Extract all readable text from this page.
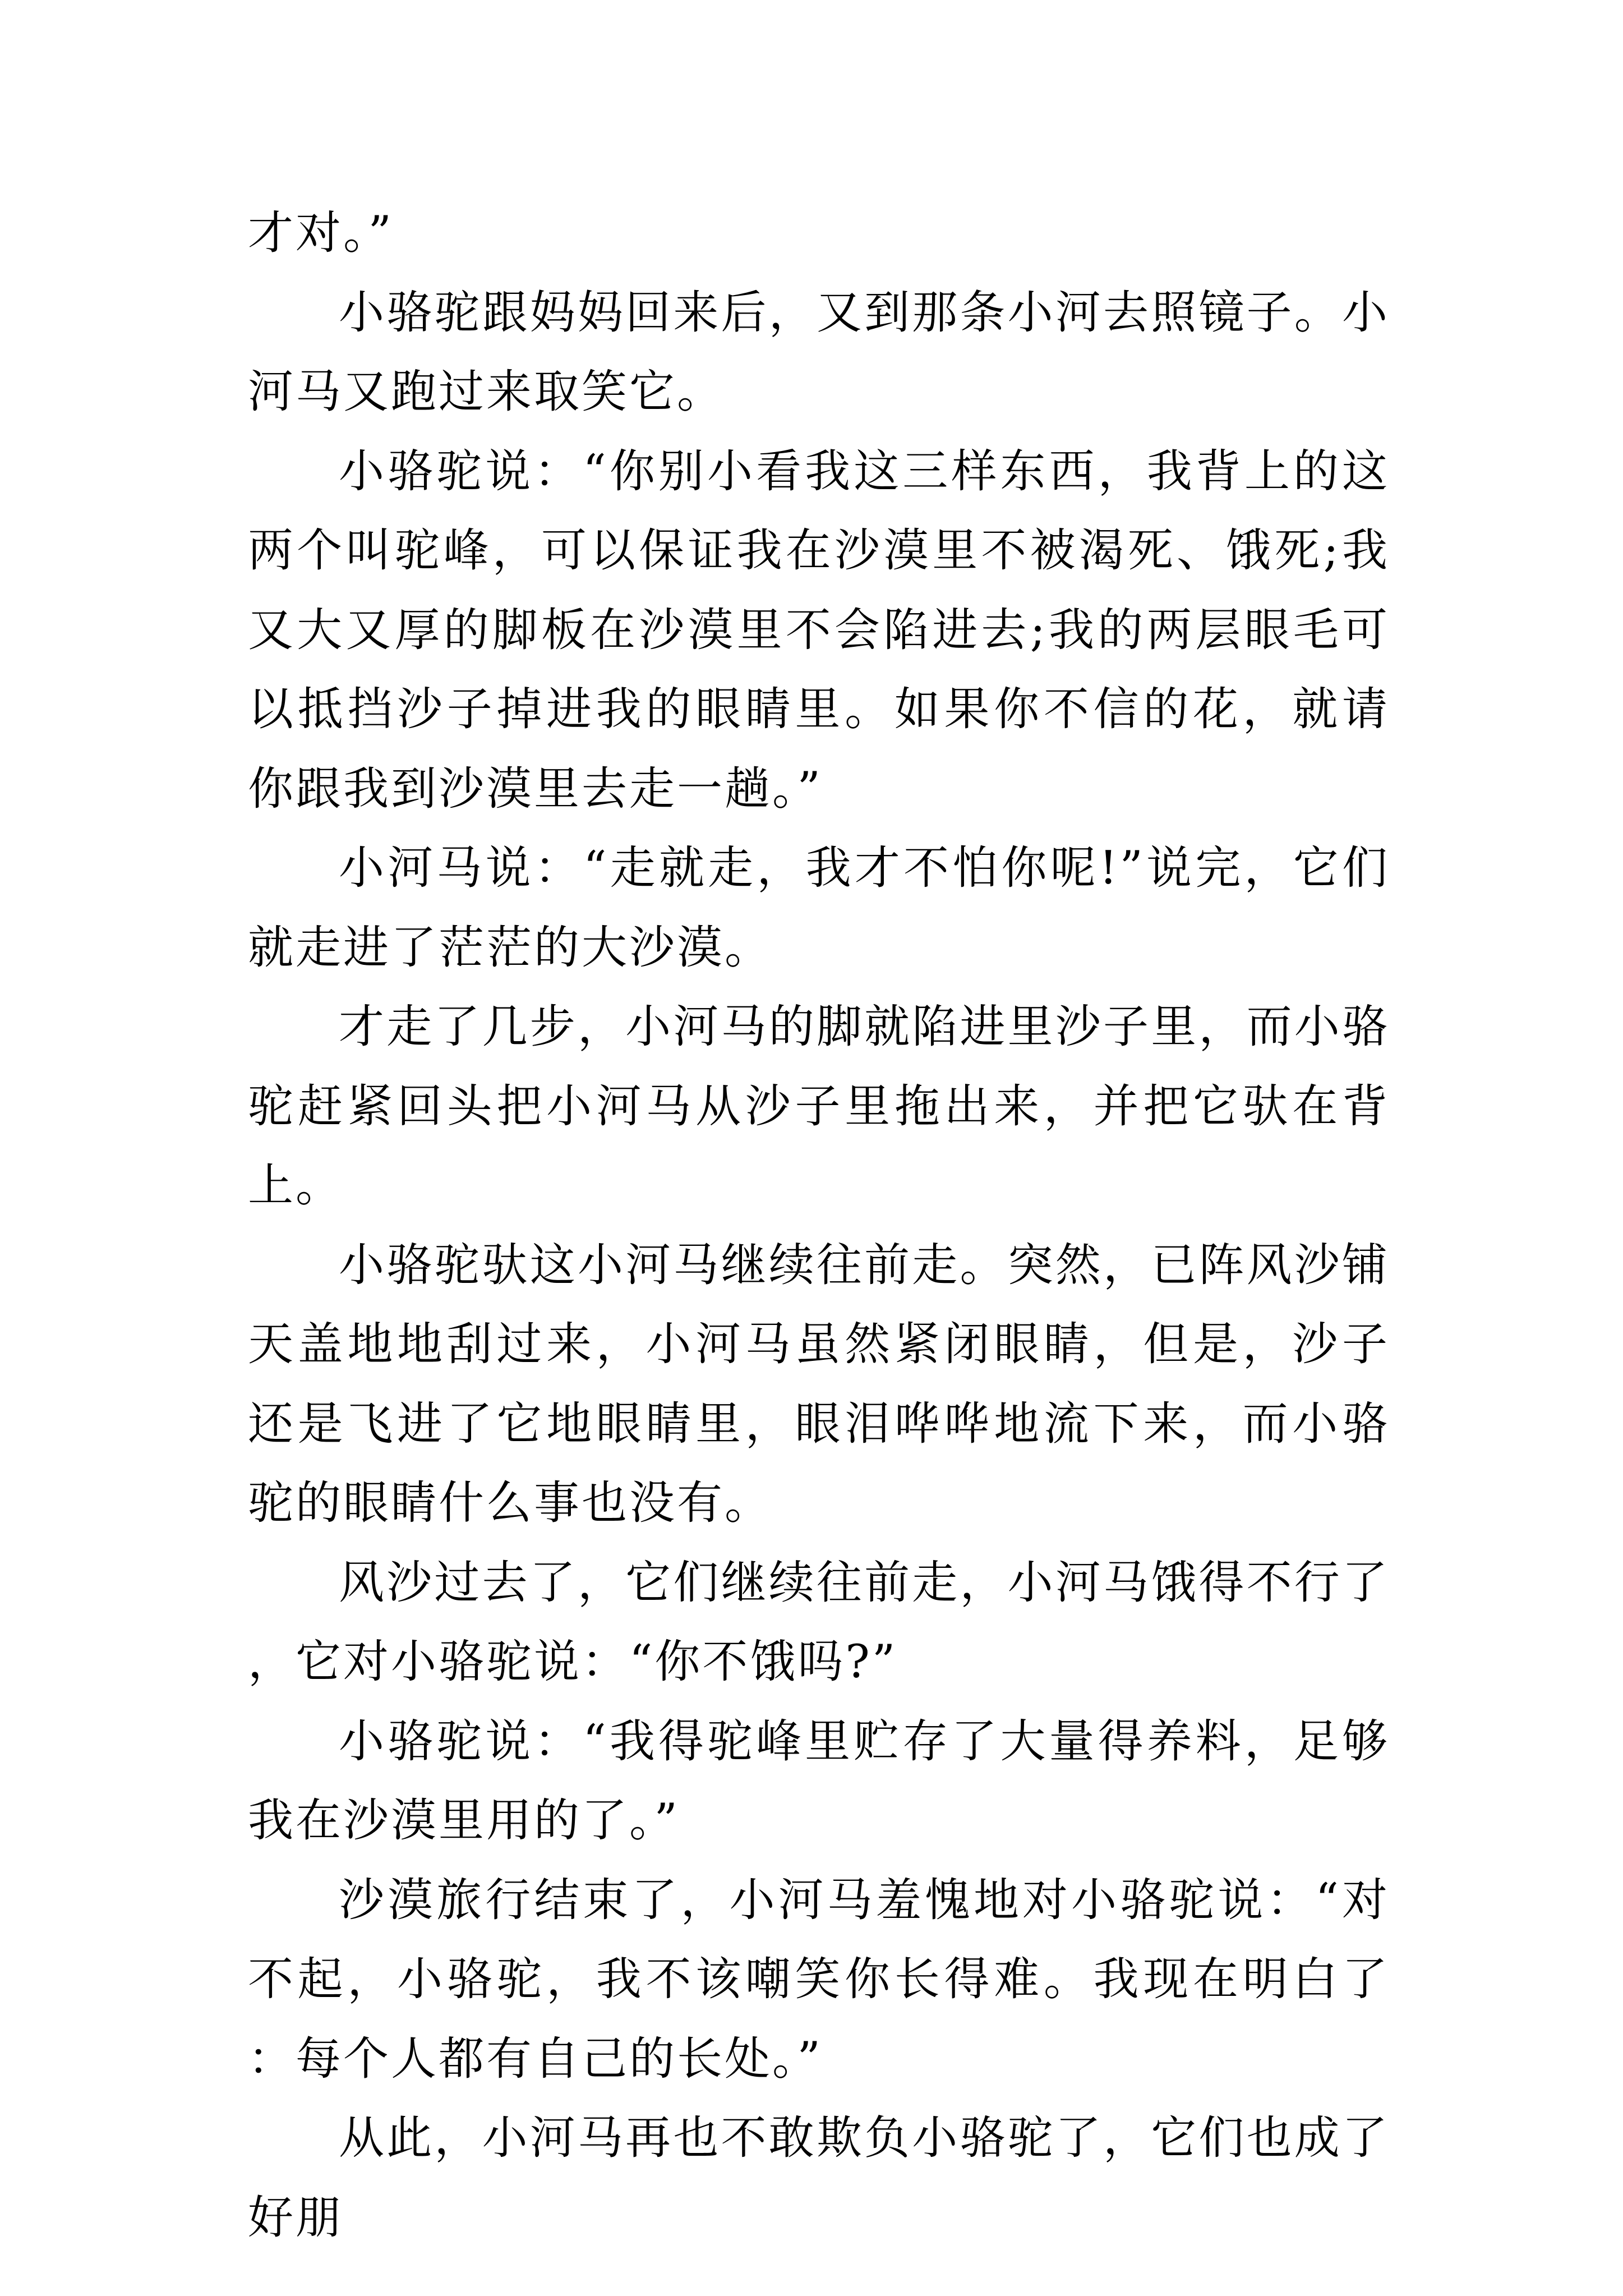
才对。”

小骆驼跟妈妈回来后，又到那条小河去照镜子。小河马又跑过来取笑它。

小骆驼说：“你别小看我这三样东西，我背上的这两个叫驼峰，可以保证我在沙漠里不被渴死、饿死;我又大又厚的脚板在沙漠里不会陷进去;我的两层眼毛可以抵挡沙子掉进我的眼睛里。如果你不信的花，就请你跟我到沙漠里去走一趟。”

小河马说：“走就走，我才不怕你呢!”说完，它们就走进了茫茫的大沙漠。

才走了几步，小河马的脚就陷进里沙子里，而小骆驼赶紧回头把小河马从沙子里拖出来，并把它驮在背上。

小骆驼驮这小河马继续往前走。突然，已阵风沙铺天盖地地刮过来，小河马虽然紧闭眼睛，但是，沙子还是飞进了它地眼睛里，眼泪哗哗地流下来，而小骆驼的眼睛什么事也没有。

风沙过去了，它们继续往前走，小河马饿得不行了，它对小骆驼说：“你不饿吗?”

小骆驼说：“我得驼峰里贮存了大量得养料，足够我在沙漠里用的了。”

沙漠旅行结束了，小河马羞愧地对小骆驼说：“对不起，小骆驼，我不该嘲笑你长得难。我现在明白了：每个人都有自己的长处。”

从此，小河马再也不敢欺负小骆驼了，它们也成了好朋
